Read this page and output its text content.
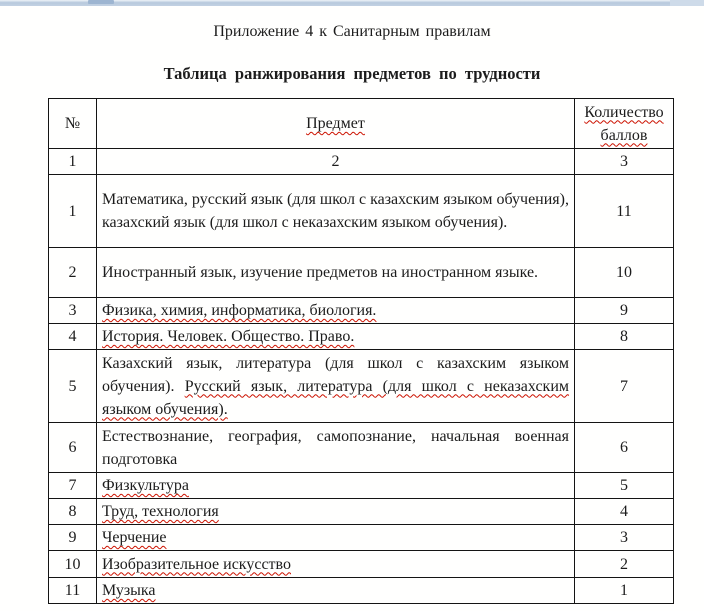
Приложение 4 к Санитарным правилам

Таблица ранжирования предметов по трудности

№	Предмет	Количество баллов
1	2	3
1	Математика, русский язык (для школ с казахским языком обучения), казахский язык (для школ с неказахским языком обучения).	11
2	Иностранный язык, изучение предметов на иностранном языке.	10
3	Физика, химия, информатика, биология.	9
4	История. Человек. Общество. Право.	8
5	Казахский язык, литература (для школ с казахским языком обучения). Русский язык, литература (для школ с неказахским языком обучения).	7
6	Естествознание, география, самопознание, начальная военная подготовка	6
7	Физкультура	5
8	Труд, технология	4
9	Черчение	3
10	Изобразительное искусство	2
11	Музыка	1
